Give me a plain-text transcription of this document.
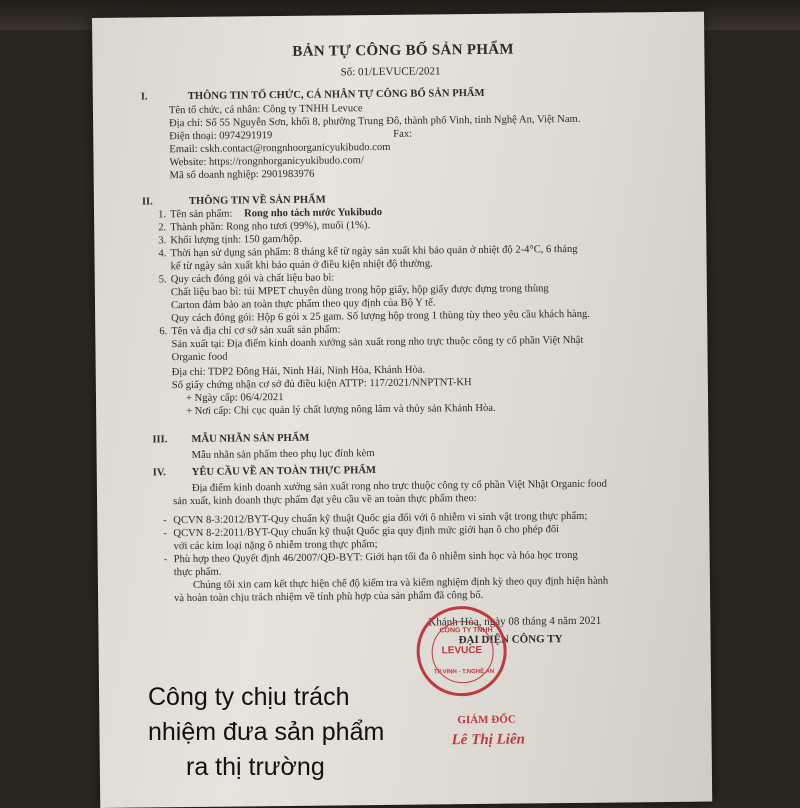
BẢN TỰ CÔNG BỐ SẢN PHẨM
Số: 01/LEVUCE/2021
I.	THÔNG TIN TỔ CHỨC, CÁ NHÂN TỰ CÔNG BỐ SẢN PHẨM
Tên tổ chức, cá nhân: Công ty TNHH Levuce
Địa chỉ: Số 55 Nguyễn Sơn, khối 8, phường Trung Đô, thành phố Vinh, tỉnh Nghệ An, Việt Nam.
Điện thoại: 0974291919	Fax:
Email: cskh.contact@rongnhoorganicyukibudo.com
Website: https://rongnhorganicyukibudo.com/
Mã số doanh nghiệp: 2901983976
II.	THÔNG TIN VỀ SẢN PHẨM
1. Tên sản phẩm: Rong nho tách nước Yukibudo
2. Thành phần: Rong nho tươi (99%), muối (1%).
3. Khối lượng tịnh: 150 gam/hộp.
4. Thời hạn sử dụng sản phẩm: 8 tháng kể từ ngày sản xuất khi bảo quản ở nhiệt độ 2-4°C, 6 tháng
kể từ ngày sản xuất khi bảo quản ở điều kiện nhiệt độ thường.
5. Quy cách đóng gói và chất liệu bao bì:
Chất liệu bao bì: túi MPET chuyên dùng trong hộp giấy, hộp giấy được đựng trong thùng
Carton đảm bảo an toàn thực phẩm theo quy định của Bộ Y tế.
Quy cách đóng gói: Hộp 6 gói x 25 gam. Số lượng hộp trong 1 thùng tùy theo yêu cầu khách hàng.
6. Tên và địa chỉ cơ sở sản xuất sản phẩm:
Sản xuất tại: Địa điểm kinh doanh xưởng sản xuất rong nho trực thuộc công ty cổ phần Việt Nhật
Organic food
Địa chỉ: TDP2 Đông Hải, Ninh Hải, Ninh Hòa, Khánh Hòa.
Số giấy chứng nhận cơ sở đủ điều kiện ATTP: 117/2021/NNPTNT-KH
+ Ngày cấp: 06/4/2021
+ Nơi cấp: Chi cục quản lý chất lượng nông lâm và thủy sản Khánh Hòa.
III. MẪU NHÃN SẢN PHẨM
Mẫu nhãn sản phẩm theo phụ lục đính kèm
IV. YÊU CẦU VỀ AN TOÀN THỰC PHẨM
Địa điểm kinh doanh xưởng sản xuất rong nho trực thuộc công ty cổ phần Việt Nhật Organic food
sản xuất, kinh doanh thực phẩm đạt yêu cầu về an toàn thực phẩm theo:
- QCVN 8-3:2012/BYT-Quy chuẩn kỹ thuật Quốc gia đối với ô nhiễm vi sinh vật trong thực phẩm;
- QCVN 8-2:2011/BYT-Quy chuẩn kỹ thuật Quốc gia quy định mức giới hạn ô cho phép đối
với các kim loại nặng ô nhiễm trong thực phẩm;
- Phù hợp theo Quyết định 46/2007/QĐ-BYT: Giới hạn tối đa ô nhiễm sinh học và hóa học trong
thực phẩm.
Chúng tôi xin cam kết thực hiện chế độ kiểm tra và kiểm nghiệm định kỳ theo quy định hiện hành
và hoàn toàn chịu trách nhiệm về tính phù hợp của sản phẩm đã công bố.
Khánh Hòa, ngày 08 tháng 4 năm 2021
ĐẠI DIỆN CÔNG TY
CÔNG TY TNHH
LEVUCE
TP.VINH - T.NGHỆ AN
GIÁM ĐỐC
Lê Thị Liên
Công ty chịu trách
nhiệm đưa sản phẩm
ra thị trường
